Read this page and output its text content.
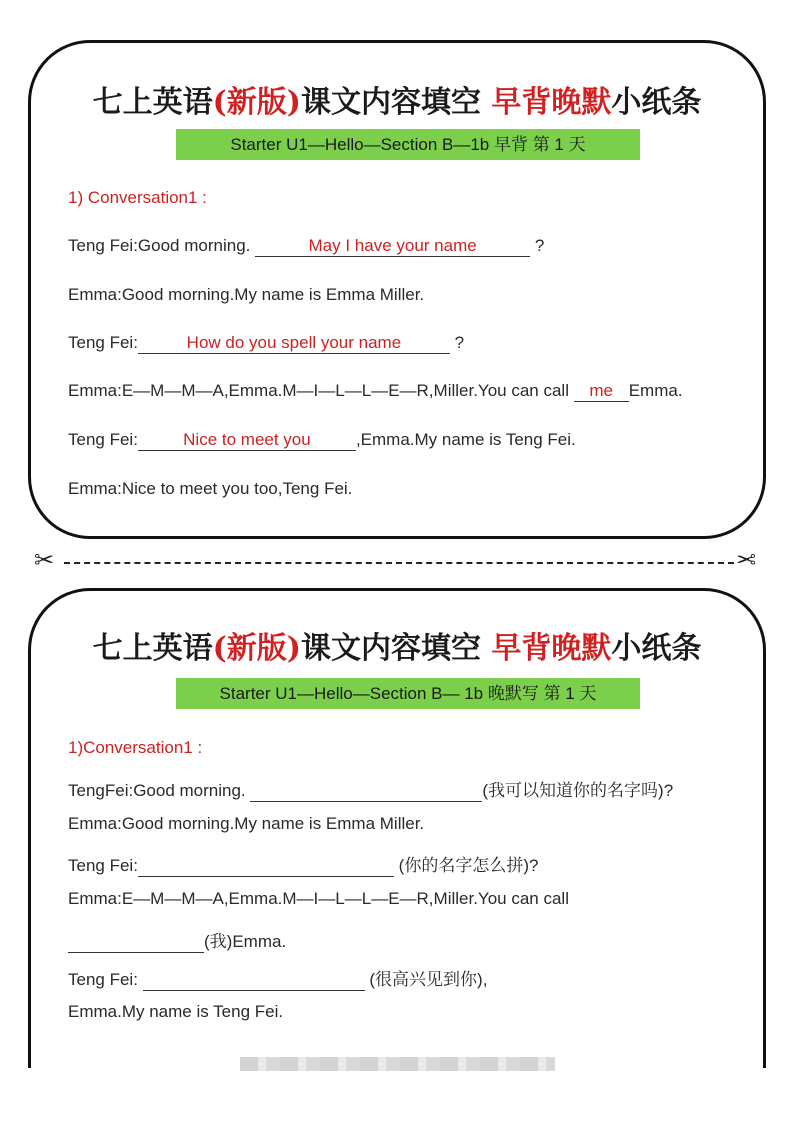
七上英语(新版)课文内容填空 早背晚默小纸条
Starter U1—Hello—Section B—1b 早背 第 1 天
1) Conversation1 :
Teng Fei:Good morning.	May I have your name	?
Emma:Good morning.My name is Emma Miller.
Teng Fei:	How do you spell your name	?
Emma:E—M—M—A,Emma.M—I—L—L—E—R,Miller.You can call me Emma.
Teng Fei:	Nice to meet you	,Emma.My name is Teng Fei.
Emma:Nice to meet you too,Teng Fei.
✂	✂
七上英语(新版)课文内容填空 早背晚默小纸条
Starter U1—Hello—Section B— 1b 晚默写 第 1 天
1)Conversation1 :
TengFei:Good morning.	(我可以知道你的名字吗)?
Emma:Good morning.My name is Emma Miller.
Teng Fei:	(你的名字怎么拼)?
Emma:E—M—M—A,Emma.M—I—L—L—E—R,Miller.You can call
(我)Emma.
Teng Fei:	(很高兴见到你),
Emma.My name is Teng Fei.
